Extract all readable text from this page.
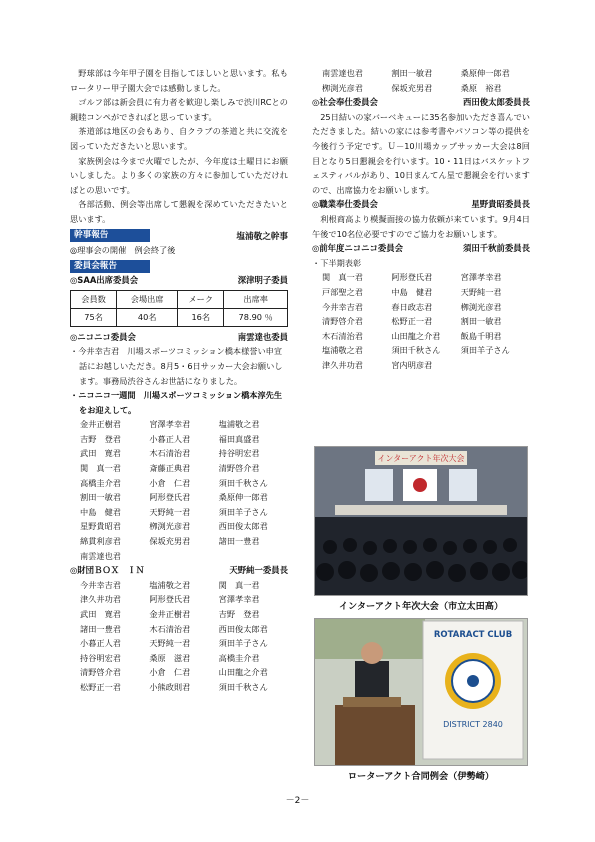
野球部は今年甲子園を目指してほしいと思います。私もロータリー甲子園大会では感動しました。

ゴルフ部は新会員に有力者を歓迎し楽しみで渋川RCとの親睦コンペができればと思っています。

茶道部は地区の会もあり、自クラブの茶道と共に交流を図っていただきたいと思います。

家族例会は今まで火曜でしたが、今年度は土曜日にお願いしました。より多くの家族の方々に参加していただければとの思いです。

各部活動、例会等出席して懇親を深めていただきたいと思います。

幹事報告	塩浦敬之幹事
◎理事会の開催　例会終了後
委員会報告
◎SAA出席委員会	深津明子委員
会員数	会場出席	メーク	出席率
75名	40名	16名	78.90 ％
◎ニコニコ委員会	南雲達也委員
・今井幸吉君　川場スポーツコミッション橋本様誉い申宣話にお越しいただき。8月5・6日サッカー大会お願いします。事務局渋谷さんお世話になりました。
・ニコニコ一週間　川場スポーツコミッション橋本淳先生をお迎えして。
金井正樹君	宮澤孝幸君	塩浦敬之君
吉野　登君	小暮正人君	福田真盛君
武田　寛君	木石清治君	持谷明宏君
関　真一君	斎藤正典君	清野啓介君
高橋圭介君	小倉　仁君	須田千秋さん
割田一敏君	阿形登氏君	桑原伸一郎君
中島　健君	天野純一君	須田羊子さん
星野貴昭君	栁渕光彦君	西田俊太郎君
綿貫利彦君	保坂充男君	諸田一豊君
南雲達也君
◎財団ＢＯＸ　ＩＮ	天野純一委員長
今井幸吉君	塩浦敬之君	関　真一君
津久井功君	阿形登氏君	宮澤孝幸君
武田　寛君	金井正樹君	吉野　登君
諸田一豊君	木石清治君	西田俊太郎君
小暮正人君	天野純一君	須田羊子さん
持谷明宏君	桑原　滋君	高橋圭介君
清野啓介君	小倉　仁君	山田龍之介君
松野正一君	小熊政則君	須田千秋さん
南雲達也君	割田一敏君	桑原伸一郎君
栁渕光彦君	保坂充男君	桑原　裕君
◎社会奉仕委員会	西田俊太郎委員長

25日結いの家バーベキューに35名参加いただき喜んでいただきました。結いの家には参考書やパソコン等の提供を今後行う予定です。Ｕ－10川場カップサッカー大会は8回目となり5日懇親会を行います。10・11日はバスケットフェスティバルがあり、10日まんてん星で懇親会を行いますので、出席協力をお願いします。

◎職業奉仕委員会	星野貴昭委員長

利根商高より模擬面接の協力依頼が来ています。9月4日午後で10名位必要ですのでご協力をお願いします。

◎前年度ニコニコ委員会	須田千秋前委員長
・下半期表彰
関　真一君	阿形登氏君	宮澤孝幸君
戸部聖之君	中島　健君	天野純一君
今井幸吉君	春日政志君	栁渕光彦君
清野啓介君	松野正一君	割田一敏君
木石清治君	山田龍之介君	飯島千明君
塩浦敬之君	須田千秋さん	須田羊子さん
津久井功君	宮内明彦君
インターアクト年次大会
インターアクト年次大会（市立太田高）
ROTARACT CLUB
DISTRICT 2840
ローターアクト合同例会（伊勢崎）
－2－
